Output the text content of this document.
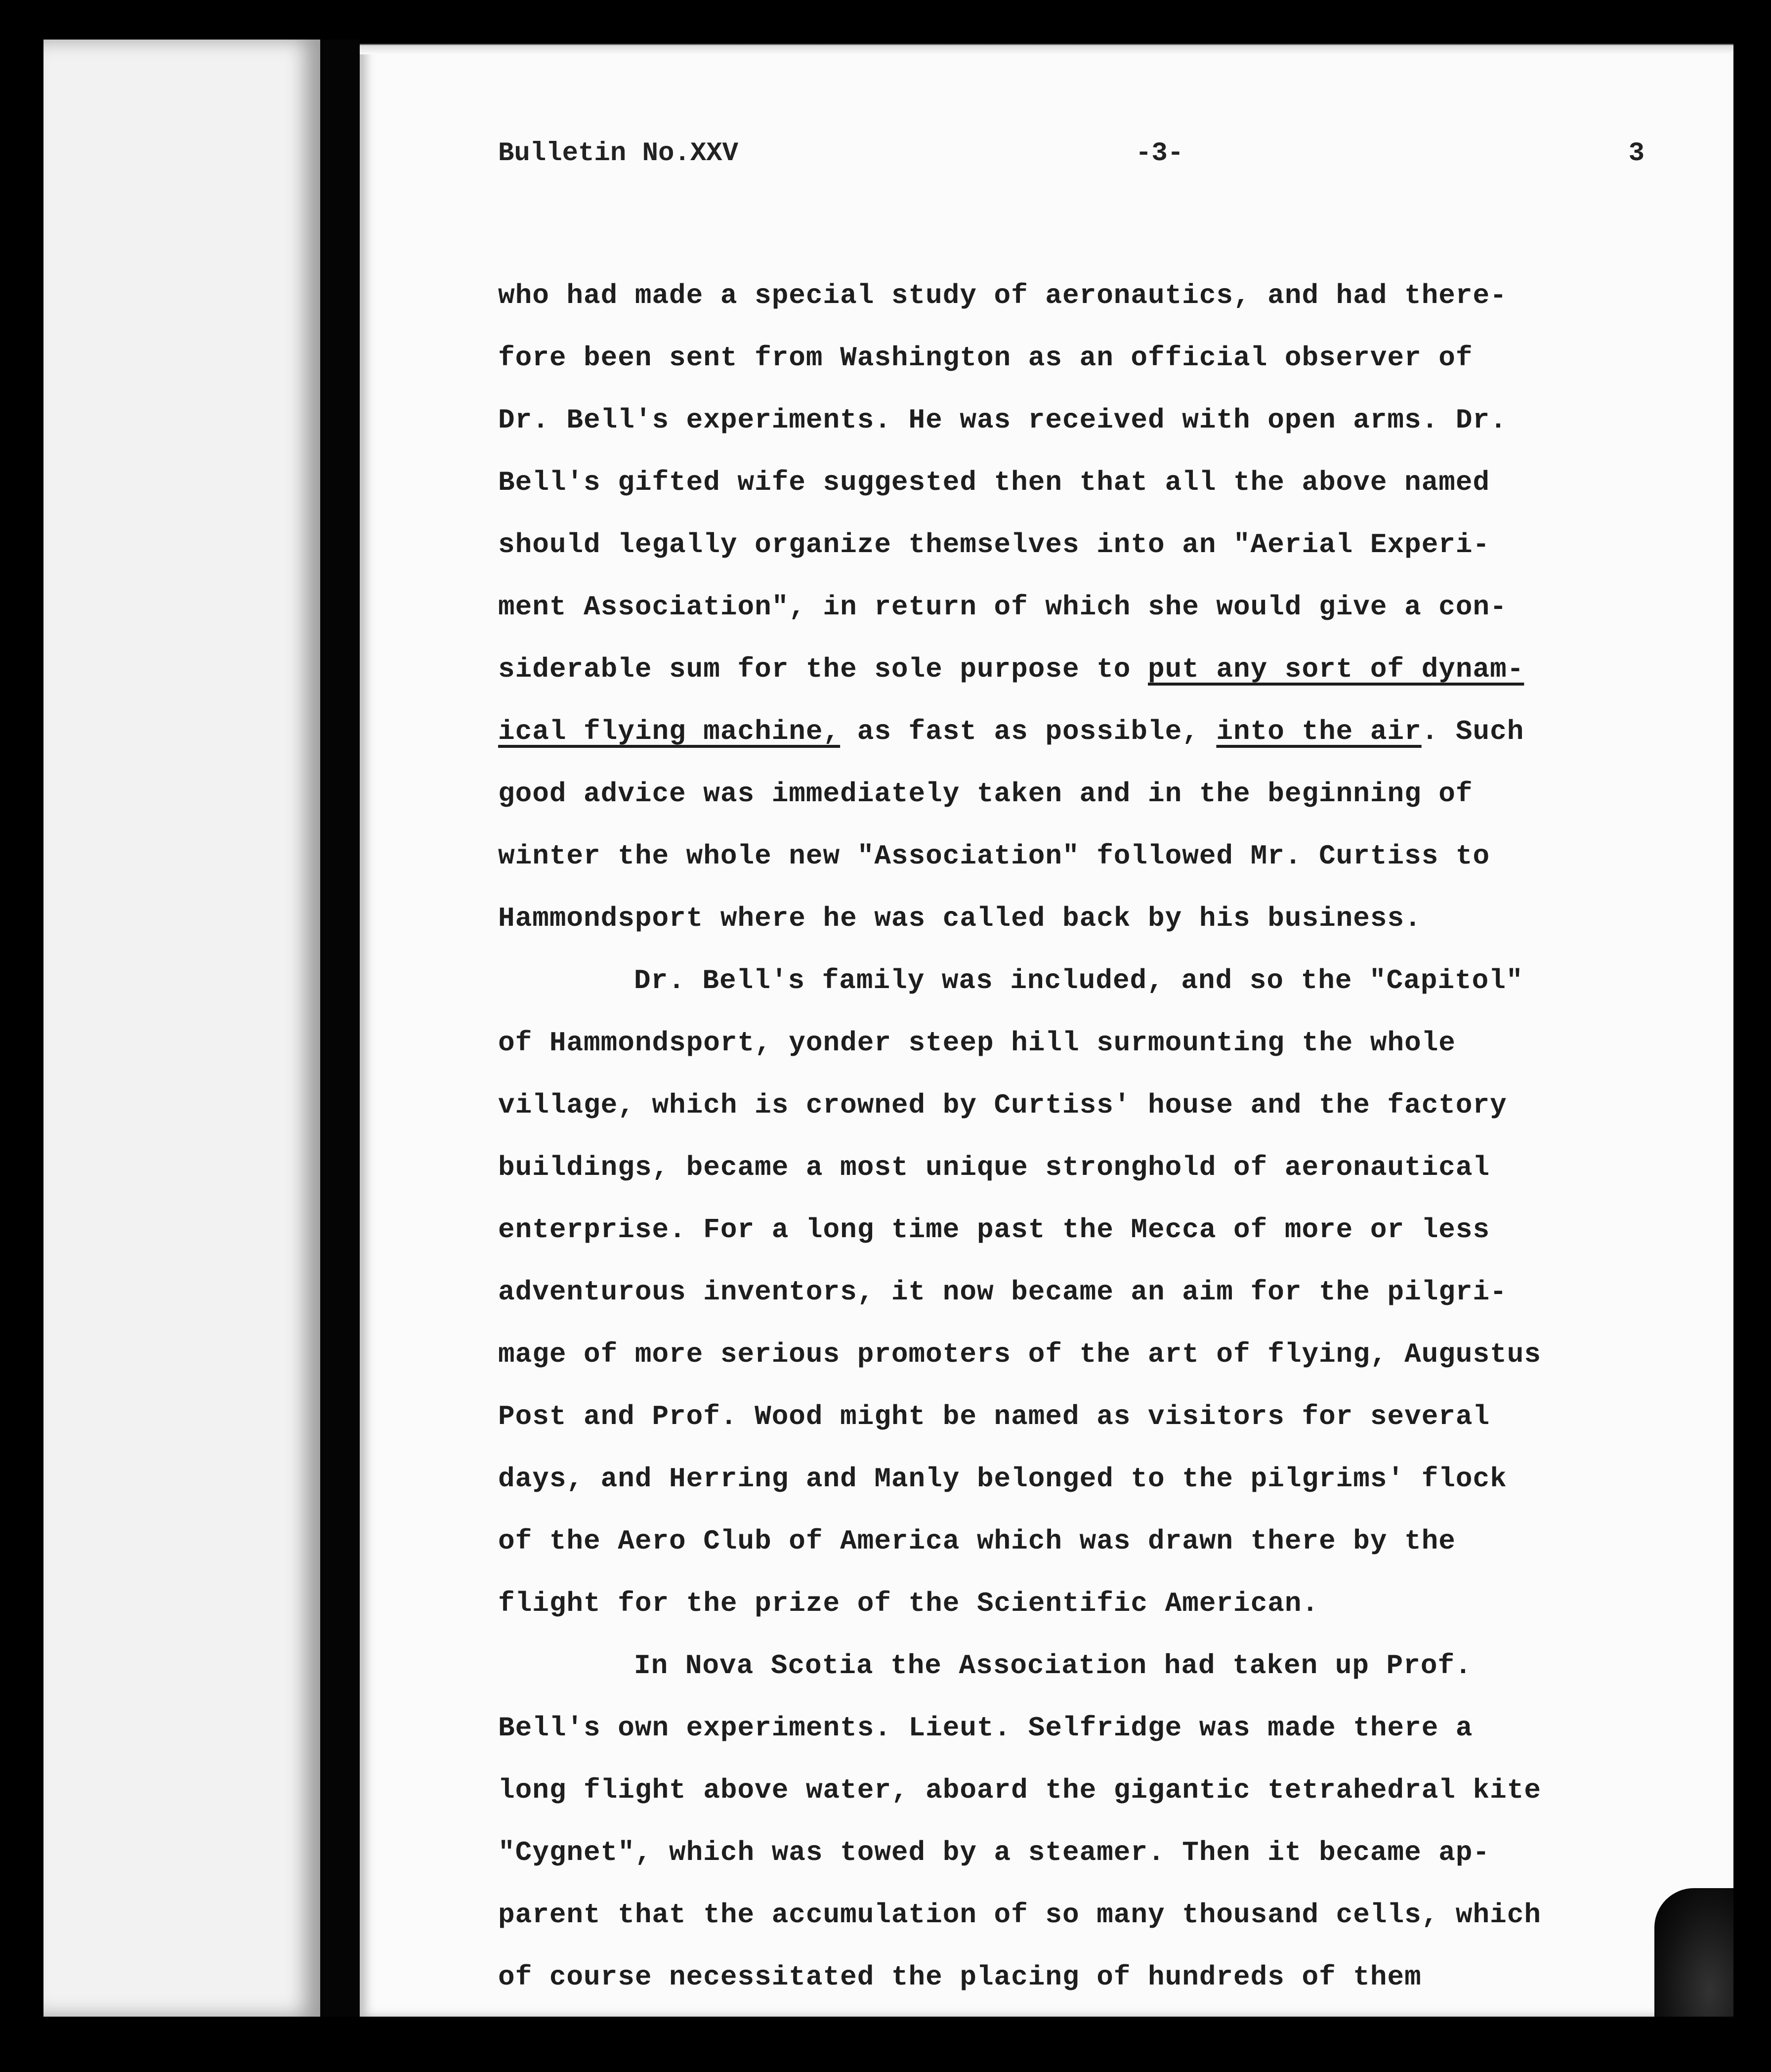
Bulletin No.XXV	-3-	3
who had made a special study of aeronautics, and had there-
fore been sent from Washington as an official observer of
Dr. Bell's experiments. He was received with open arms. Dr.
Bell's gifted wife suggested then that all the above named
should legally organize themselves into an "Aerial Experi-
ment Association", in return of which she would give a con-
siderable sum for the sole purpose to put any sort of dynam-
ical flying machine, as fast as possible, into the air. Such
good advice was immediately taken and in the beginning of
winter the whole new "Association" followed Mr. Curtiss to
Hammondsport where he was called back by his business.
Dr. Bell's family was included, and so the "Capitol"
of Hammondsport, yonder steep hill surmounting the whole
village, which is crowned by Curtiss' house and the factory
buildings, became a most unique stronghold of aeronautical
enterprise. For a long time past the Mecca of more or less
adventurous inventors, it now became an aim for the pilgri-
mage of more serious promoters of the art of flying, Augustus
Post and Prof. Wood might be named as visitors for several
days, and Herring and Manly belonged to the pilgrims' flock
of the Aero Club of America which was drawn there by the
flight for the prize of the Scientific American.
In Nova Scotia the Association had taken up Prof.
Bell's own experiments. Lieut. Selfridge was made there a
long flight above water, aboard the gigantic tetrahedral kite
"Cygnet", which was towed by a steamer. Then it became ap-
parent that the accumulation of so many thousand cells, which
of course necessitated the placing of hundreds of them
